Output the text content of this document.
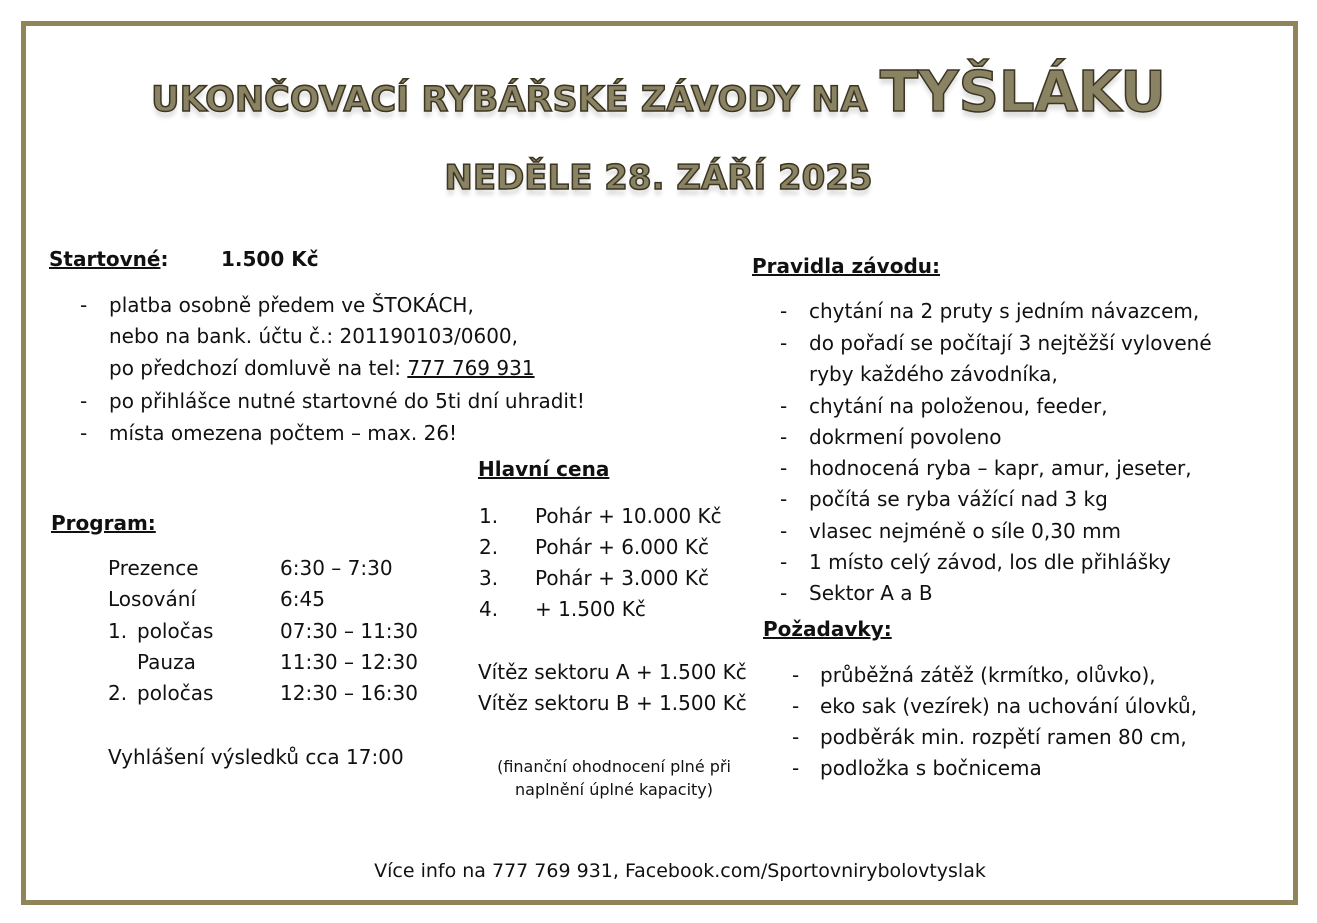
UKONČOVACÍ RYBÁŘSKÉ ZÁVODY NA TYŠLÁKU
NEDĚLE 28. ZÁŘÍ 2025
Startovné:	1.500 Kč
- platba osobně předem ve ŠTOKÁCH,
nebo na bank. účtu č.: 201190103/0600,
po předchozí domluvě na tel: 777 769 931
- po přihlášce nutné startovné do 5ti dní uhradit!
- místa omezena počtem – max. 26!
Program:
Prezence	6:30 – 7:30
Losování	6:45
1. poločas	07:30 – 11:30
Pauza	11:30 – 12:30
2. poločas	12:30 – 16:30
Vyhlášení výsledků cca 17:00
Hlavní cena
1. Pohár + 10.000 Kč
2. Pohár + 6.000 Kč
3. Pohár + 3.000 Kč
4. + 1.500 Kč
Vítěz sektoru A + 1.500 Kč
Vítěz sektoru B + 1.500 Kč
(finanční ohodnocení plné při
naplnění úplné kapacity)
Pravidla závodu:
- chytání na 2 pruty s jedním návazcem,
- do pořadí se počítají 3 nejtěžší vylovené
ryby každého závodníka,
- chytání na položenou, feeder,
- dokrmení povoleno
- hodnocená ryba – kapr, amur, jeseter,
- počítá se ryba vážící nad 3 kg
- vlasec nejméně o síle 0,30 mm
- 1 místo celý závod, los dle přihlášky
- Sektor A a B
Požadavky:
- průběžná zátěž (krmítko, olůvko),
- eko sak (vezírek) na uchování úlovků,
- podběrák min. rozpětí ramen 80 cm,
- podložka s bočnicema
Více info na 777 769 931, Facebook.com/Sportovnirybolovtyslak
